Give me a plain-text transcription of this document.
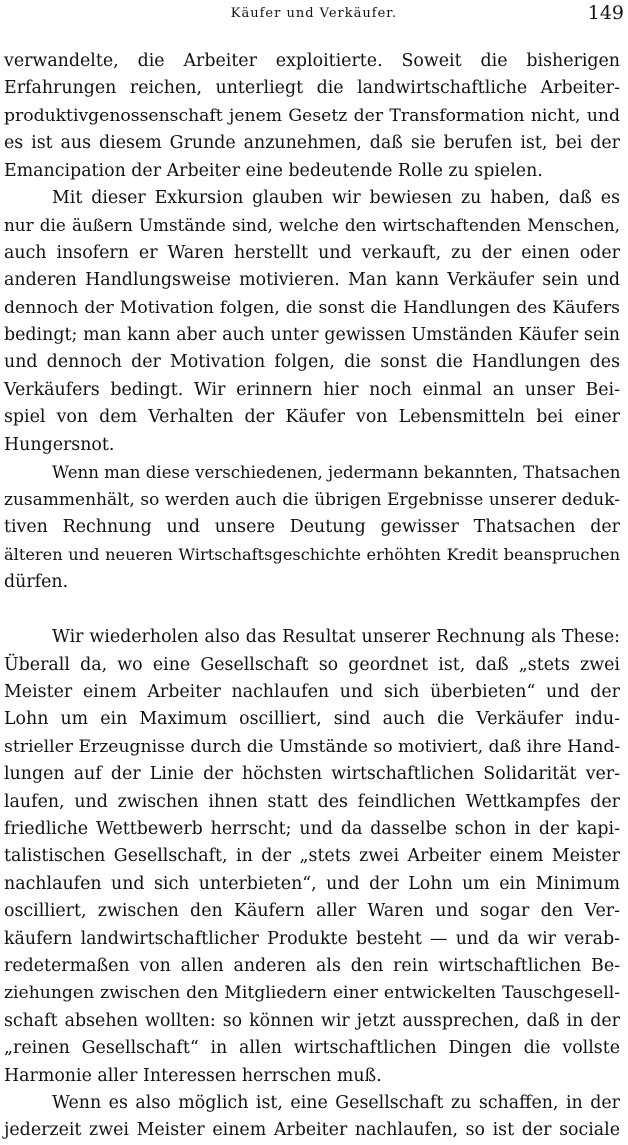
Käufer und Verkäufer.	149
verwandelte, die Arbeiter exploitierte. Soweit die bisherigen
Erfahrungen reichen, unterliegt die landwirtschaftliche Arbeiter-
produktivgenossenschaft jenem Gesetz der Transformation nicht, und
es ist aus diesem Grunde anzunehmen, daß sie berufen ist, bei der
Emancipation der Arbeiter eine bedeutende Rolle zu spielen.
Mit dieser Exkursion glauben wir bewiesen zu haben, daß es
nur die äußern Umstände sind, welche den wirtschaftenden Menschen,
auch insofern er Waren herstellt und verkauft, zu der einen oder
anderen Handlungsweise motivieren. Man kann Verkäufer sein und
dennoch der Motivation folgen, die sonst die Handlungen des Käufers
bedingt; man kann aber auch unter gewissen Umständen Käufer sein
und dennoch der Motivation folgen, die sonst die Handlungen des
Verkäufers bedingt. Wir erinnern hier noch einmal an unser Bei-
spiel von dem Verhalten der Käufer von Lebensmitteln bei einer
Hungersnot.
Wenn man diese verschiedenen, jedermann bekannten, Thatsachen
zusammenhält, so werden auch die übrigen Ergebnisse unserer deduk-
tiven Rechnung und unsere Deutung gewisser Thatsachen der
älteren und neueren Wirtschaftsgeschichte erhöhten Kredit beanspruchen
dürfen.
Wir wiederholen also das Resultat unserer Rechnung als These:
Überall da, wo eine Gesellschaft so geordnet ist, daß „stets zwei
Meister einem Arbeiter nachlaufen und sich überbieten“ und der
Lohn um ein Maximum oscilliert, sind auch die Verkäufer indu-
strieller Erzeugnisse durch die Umstände so motiviert, daß ihre Hand-
lungen auf der Linie der höchsten wirtschaftlichen Solidarität ver-
laufen, und zwischen ihnen statt des feindlichen Wettkampfes der
friedliche Wettbewerb herrscht; und da dasselbe schon in der kapi-
talistischen Gesellschaft, in der „stets zwei Arbeiter einem Meister
nachlaufen und sich unterbieten“, und der Lohn um ein Minimum
oscilliert, zwischen den Käufern aller Waren und sogar den Ver-
käufern landwirtschaftlicher Produkte besteht — und da wir verab-
redetermaßen von allen anderen als den rein wirtschaftlichen Be-
ziehungen zwischen den Mitgliedern einer entwickelten Tauschgesell-
schaft absehen wollten: so können wir jetzt aussprechen, daß in der
„reinen Gesellschaft“ in allen wirtschaftlichen Dingen die vollste
Harmonie aller Interessen herrschen muß.
Wenn es also möglich ist, eine Gesellschaft zu schaffen, in der
jederzeit zwei Meister einem Arbeiter nachlaufen, so ist der sociale
